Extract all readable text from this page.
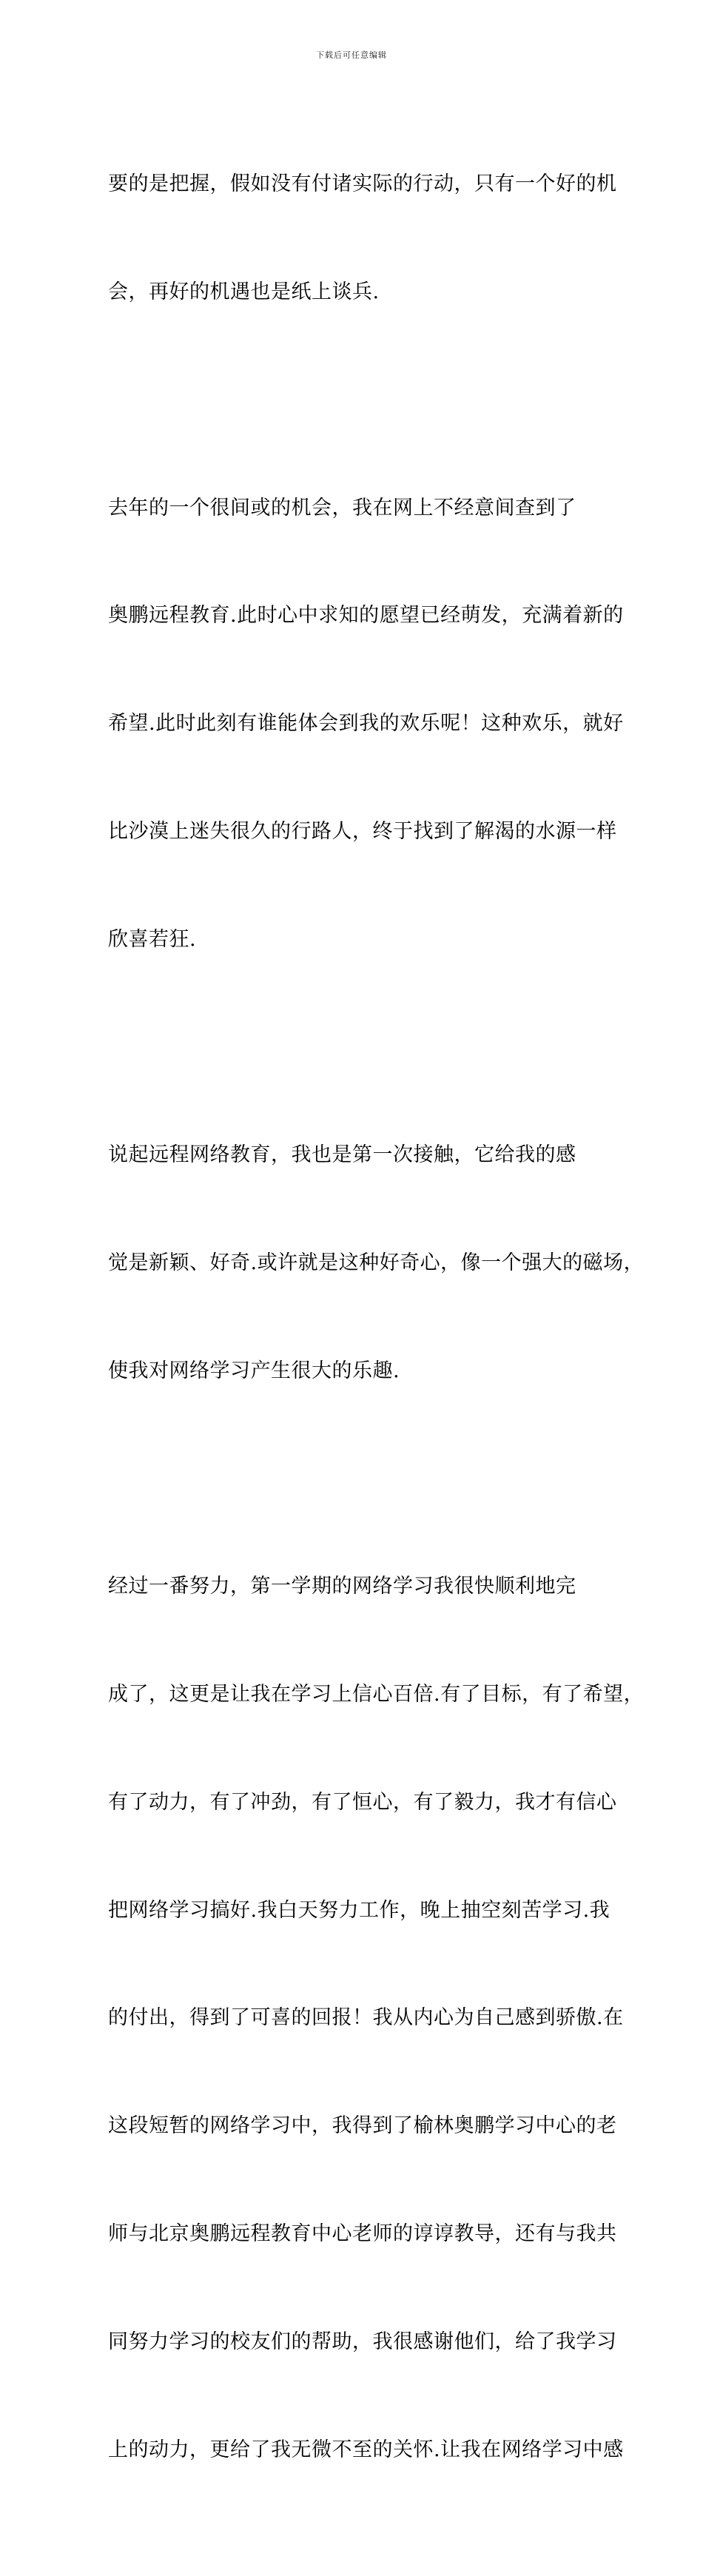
下载后可任意编辑

要的是把握，假如没有付诸实际的行动，只有一个好的机

会，再好的机遇也是纸上谈兵.

去年的一个很间或的机会，我在网上不经意间查到了

奥鹏远程教育.此时心中求知的愿望已经萌发，充满着新的

希望.此时此刻有谁能体会到我的欢乐呢！这种欢乐，就好

比沙漠上迷失很久的行路人，终于找到了解渴的水源一样

欣喜若狂.

说起远程网络教育，我也是第一次接触，它给我的感

觉是新颖、好奇.或许就是这种好奇心，像一个强大的磁场，

使我对网络学习产生很大的乐趣.

经过一番努力，第一学期的网络学习我很快顺利地完

成了，这更是让我在学习上信心百倍.有了目标，有了希望，

有了动力，有了冲劲，有了恒心，有了毅力，我才有信心

把网络学习搞好.我白天努力工作，晚上抽空刻苦学习.我

的付出，得到了可喜的回报！我从内心为自己感到骄傲.在

这段短暂的网络学习中，我得到了榆林奥鹏学习中心的老

师与北京奥鹏远程教育中心老师的谆谆教导，还有与我共

同努力学习的校友们的帮助，我很感谢他们，给了我学习

上的动力，更给了我无微不至的关怀.让我在网络学习中感
